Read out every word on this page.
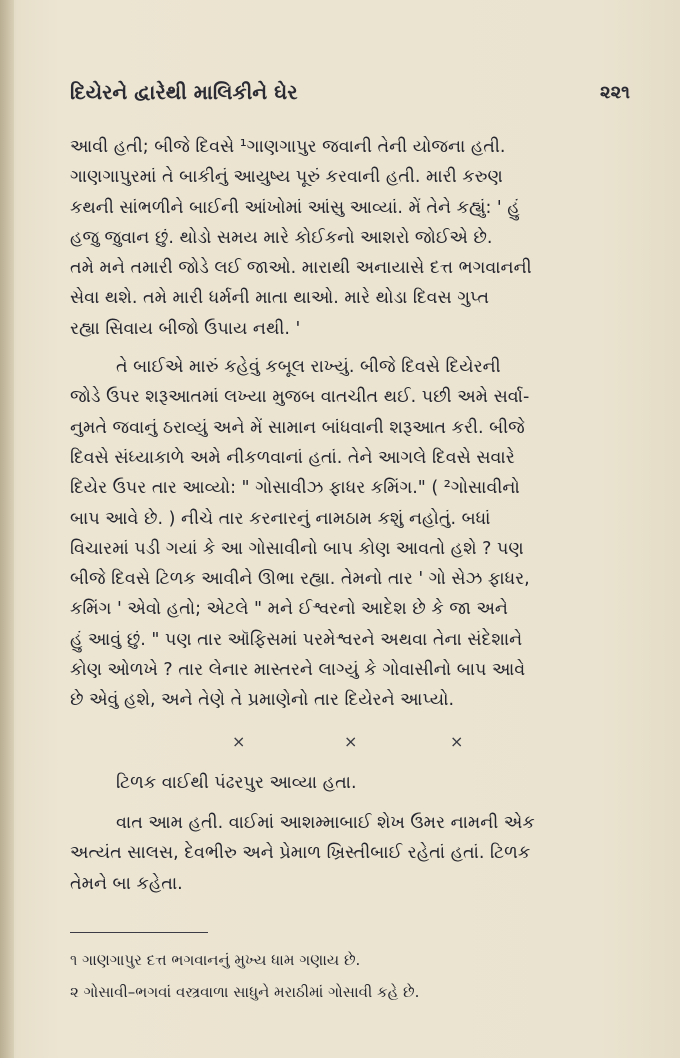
દિયેરને દ્વારેથી માલિકીને ઘેર	૨૨૧
આવી હતી; બીજે દિવસે ¹ગાણગાપુર જવાની તેની યોજના હતી.
ગાણગાપુરમાં તે બાકીનું આયુષ્ય પૂરું કરવાની હતી. મારી કરુણ
કથની સાંભળીને બાઈની આંખોમાં આંસુ આવ્યાં. મેં તેને કહ્યું: ' હું
હજુ જુવાન છું. થોડો સમય મારે કોઈકનો આશરો જોઈએ છે.
તમે મને તમારી જોડે લઈ જાઓ. મારાથી અનાયાસે દત્ત ભગવાનની
સેવા થશે. તમે મારી ધર્મની માતા થાઓ. મારે થોડા દિવસ ગુપ્ત
રહ્યા સિવાય બીજો ઉપાય નથી. '
તે બાઈએ મારું કહેવું કબૂલ રાખ્યું. બીજે દિવસે દિયેરની
જોડે ઉપર શરૂઆતમાં લખ્યા મુજબ વાતચીત થઈ. પછી અમે સર્વા-
નુમતે જવાનું ઠરાવ્યું અને મેં સામાન બાંધવાની શરૂઆત કરી. બીજે
દિવસે સંધ્યાકાળે અમે નીકળવાનાં હતાં. તેને આગલે દિવસે સવારે
દિયેર ઉપર તાર આવ્યો: " ગોસાવીઝ ફાધર કમિંગ." ( ²ગોસાવીનો
બાપ આવે છે. ) નીચે તાર કરનારનું નામઠામ કશું નહોતું. બધાં
વિચારમાં પડી ગયાં કે આ ગોસાવીનો બાપ કોણ આવતો હશે ? પણ
બીજે દિવસે ટિળક આવીને ઊભા રહ્યા. તેમનો તાર ' ગો સેઝ ફાધર,
કમિંગ ' એવો હતો; એટલે " મને ઈશ્વરનો આદેશ છે કે જા અને
હું આવું છું. " પણ તાર ઑફિસમાં પરમેશ્વરને અથવા તેના સંદેશાને
કોણ ઓળખે ? તાર લેનાર માસ્તરને લાગ્યું કે ગોવાસીનો બાપ આવે
છે એવું હશે, અને તેણે તે પ્રમાણેનો તાર દિયેરને આપ્યો.
×	×	×
ટિળક વાઈથી પંઢરપુર આવ્યા હતા.
વાત આમ હતી. વાઈમાં આશમ્માબાઈ શેખ ઉમર નામની એક
અત્યંત સાલસ, દેવભીરુ અને પ્રેમાળ ખ્રિસ્તીબાઈ રહેતાં હતાં. ટિળક
તેમને બા કહેતા.
૧ ગાણગાપુર દત્ત ભગવાનનું મુખ્ય ધામ ગણાય છે.
૨ ગોસાવી–ભગવાં વસ્ત્રવાળા સાધુને મરાઠીમાં ગોસાવી કહે છે.
